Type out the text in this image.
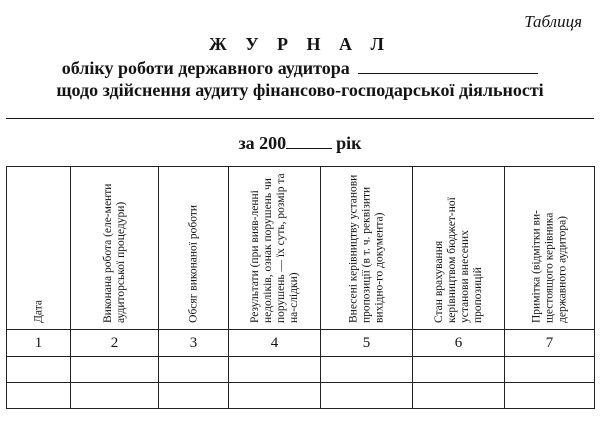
Таблиця
Ж У Р Н А Л
обліку роботи державного аудитора
щодо здійснення аудиту фінансово-господарської діяльності
за 200	рік
Дата	Виконана робота (еле-менти аудиторської процедури)	Обсяг виконаної роботи	Результати (при вияв-ленні недоліків, ознак порушень чи порушень — їх суть, розмір та на-слідки)	Внесені керівництву установи пропозиції (в т. ч. реквізити вихідно-го документа)	Стан врахування керівництвом бюджет-ної установи внесених пропозицій	Примітка (відмітки ви-щестоящого керівника державного аудитора)

1	2	3	4	5	6	7
